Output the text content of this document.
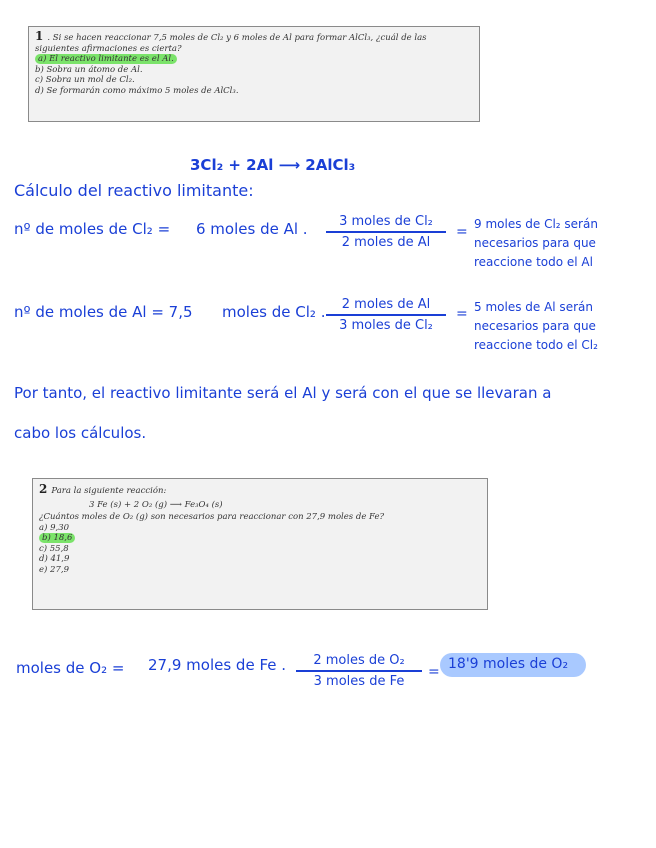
1 . Si se hacen reaccionar 7,5 moles de Cl₂ y 6 moles de Al para formar AlCl₃, ¿cuál de las
siguientes afirmaciones es cierta?
a) El reactivo limitante es el Al.
b) Sobra un átomo de Al.
c) Sobra un mol de Cl₂.
d) Se formarán como máximo 5 moles de AlCl₃.
3Cl₂ + 2Al ⟶ 2AlCl₃
Cálculo del reactivo limitante:
nº de moles de Cl₂ = 6 moles de Al .	3 moles de Cl₂
2 moles de Al
= 9 moles de Cl₂ serán
necesarios para que
reaccione todo el Al
nº de moles de Al = 7,5 moles de Cl₂ .	2 moles de Al
3 moles de Cl₂
= 5 moles de Al serán
necesarios para que
reaccione todo el Cl₂
Por tanto, el reactivo limitante será el Al y será con el que se llevaran a
cabo los cálculos.
2 Para la siguiente reacción:
3 Fe (s) + 2 O₂ (g) ⟶ Fe₃O₄ (s)
¿Cuántos moles de O₂ (g) son necesarios para reaccionar con 27,9 moles de Fe?
a) 9,30
b) 18,6
c) 55,8
d) 41,9
e) 27,9
moles de O₂ = 27,9 moles de Fe .	2 moles de O₂
3 moles de Fe
= 18'9 moles de O₂
